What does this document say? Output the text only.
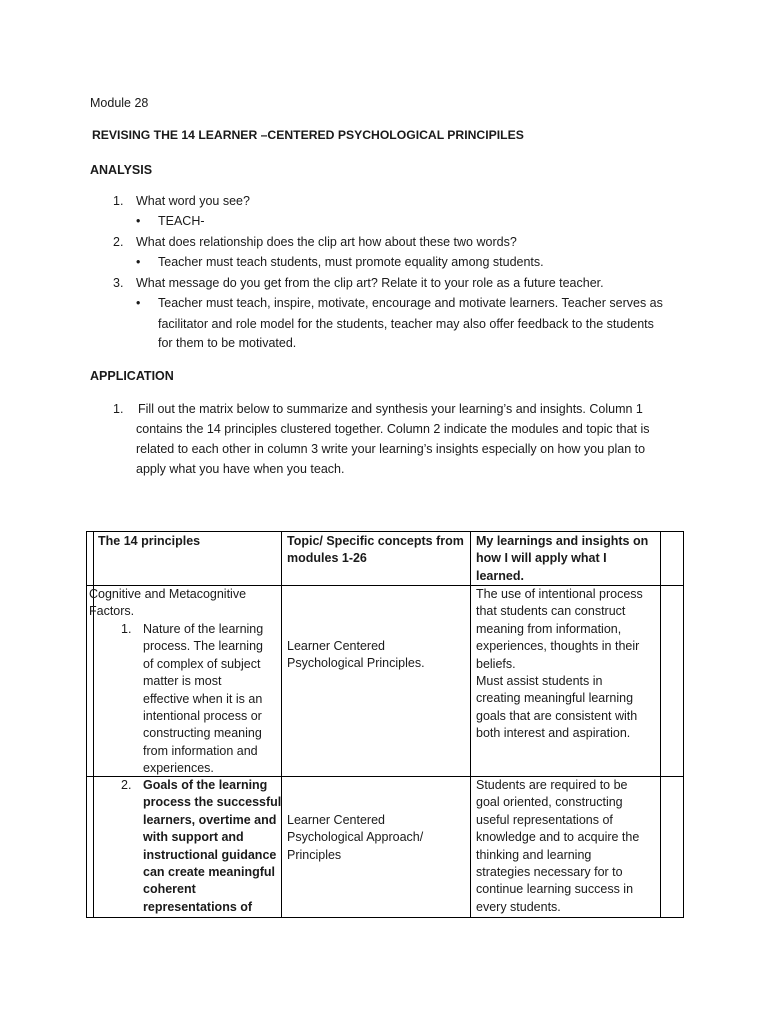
Module 28
REVISING THE 14 LEARNER –CENTERED PSYCHOLOGICAL PRINCIPILES
ANALYSIS
1. What word you see?
• TEACH-
2. What does relationship does the clip art how about these two words?
• Teacher must teach students, must promote equality among students.
3. What message do you get from the clip art? Relate it to your role as a future teacher.
• Teacher must teach, inspire, motivate, encourage and motivate learners. Teacher serves as
facilitator and role model for the students, teacher may also offer feedback to the students
for them to be motivated.
APPLICATION
1. Fill out the matrix below to summarize and synthesis your learning’s and insights. Column 1
contains the 14 principles clustered together. Column 2 indicate the modules and topic that is
related to each other in column 3 write your learning’s insights especially on how you plan to
apply what you have when you teach.
The 14 principles	Topic/ Specific concepts from
modules 1-26
My learnings and insights on
how I will apply what I
learned.
Cognitive and Metacognitive
Factors.
1. Nature of the learning
process. The learning
of complex of subject
matter is most
effective when it is an
intentional process or
constructing meaning
from information and
experiences.
Learner Centered
Psychological Principles.
The use of intentional process
that students can construct
meaning from information,
experiences, thoughts in their
beliefs.
Must assist students in
creating meaningful learning
goals that are consistent with
both interest and aspiration.
2. Goals of the learning
process the successful
learners, overtime and
with support and
instructional guidance
can create meaningful
coherent
representations of
Learner Centered
Psychological Approach/
Principles
Students are required to be
goal oriented, constructing
useful representations of
knowledge and to acquire the
thinking and learning
strategies necessary for to
continue learning success in
every students.
